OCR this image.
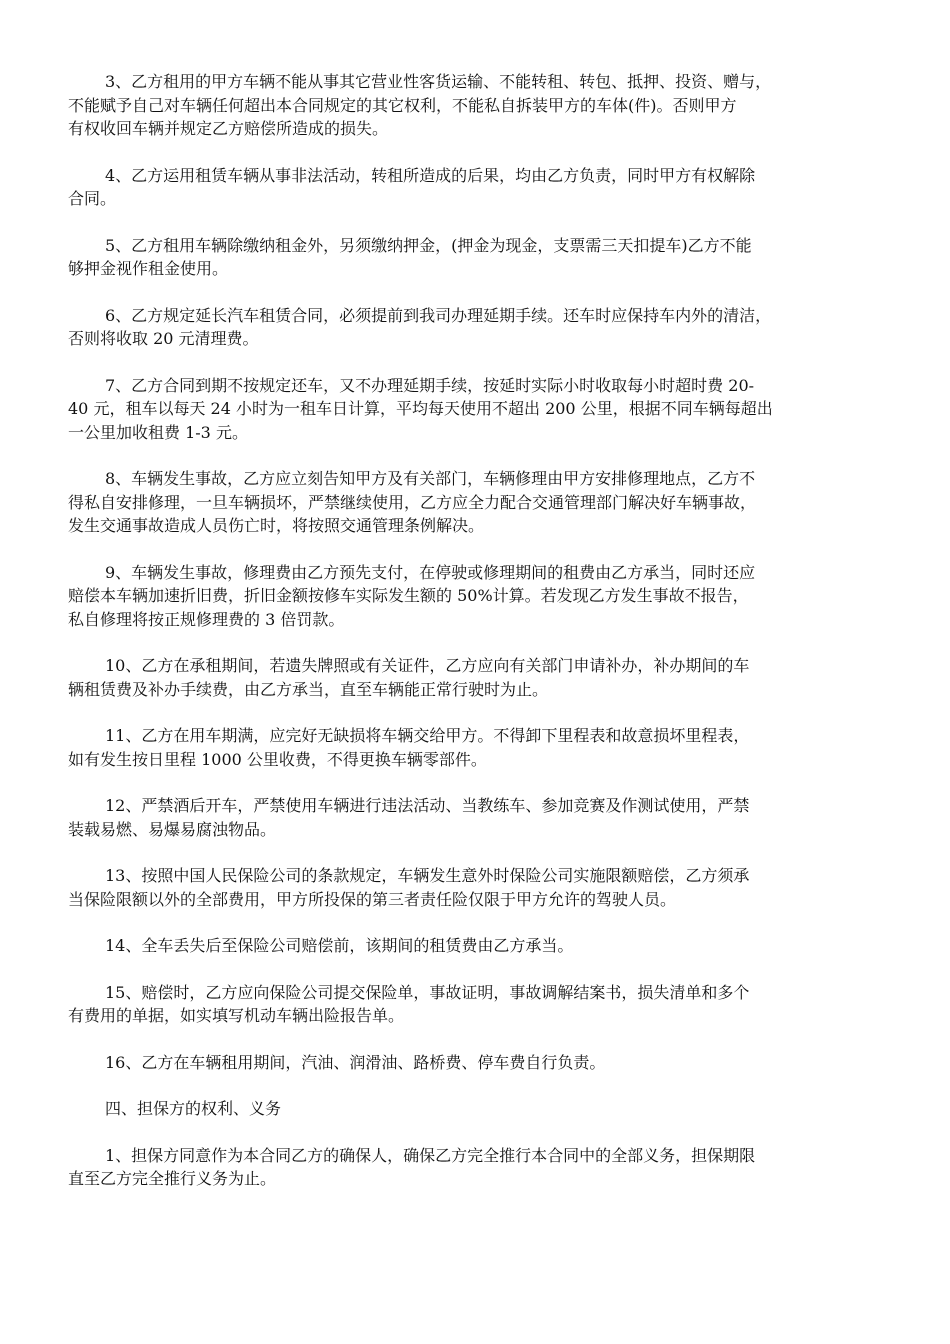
3、乙方租用的甲方车辆不能从事其它营业性客货运输、不能转租、转包、抵押、投资、赠与，
不能赋予自己对车辆任何超出本合同规定的其它权利，不能私自拆装甲方的车体(件)。否则甲方
有权收回车辆并规定乙方赔偿所造成的损失。
4、乙方运用租赁车辆从事非法活动，转租所造成的后果，均由乙方负责，同时甲方有权解除
合同。
5、乙方租用车辆除缴纳租金外，另须缴纳押金，(押金为现金，支票需三天扣提车)乙方不能
够押金视作租金使用。
6、乙方规定延长汽车租赁合同，必须提前到我司办理延期手续。还车时应保持车内外的清洁，
否则将收取 20 元清理费。
7、乙方合同到期不按规定还车，又不办理延期手续，按延时实际小时收取每小时超时费 20-
40 元，租车以每天 24 小时为一租车日计算，平均每天使用不超出 200 公里，根据不同车辆每超出
一公里加收租费 1-3 元。
8、车辆发生事故，乙方应立刻告知甲方及有关部门，车辆修理由甲方安排修理地点，乙方不
得私自安排修理，一旦车辆损坏，严禁继续使用，乙方应全力配合交通管理部门解决好车辆事故，
发生交通事故造成人员伤亡时，将按照交通管理条例解决。
9、车辆发生事故，修理费由乙方预先支付，在停驶或修理期间的租费由乙方承当，同时还应
赔偿本车辆加速折旧费，折旧金额按修车实际发生额的 50%计算。若发现乙方发生事故不报告，
私自修理将按正规修理费的 3 倍罚款。
10、乙方在承租期间，若遗失牌照或有关证件，乙方应向有关部门申请补办，补办期间的车
辆租赁费及补办手续费，由乙方承当，直至车辆能正常行驶时为止。
11、乙方在用车期满，应完好无缺损将车辆交给甲方。不得卸下里程表和故意损坏里程表，
如有发生按日里程 1000 公里收费，不得更换车辆零部件。
12、严禁酒后开车，严禁使用车辆进行违法活动、当教练车、参加竞赛及作测试使用，严禁
装载易燃、易爆易腐浊物品。
13、按照中国人民保险公司的条款规定，车辆发生意外时保险公司实施限额赔偿，乙方须承
当保险限额以外的全部费用，甲方所投保的第三者责任险仅限于甲方允许的驾驶人员。
14、全车丢失后至保险公司赔偿前，该期间的租赁费由乙方承当。
15、赔偿时，乙方应向保险公司提交保险单，事故证明，事故调解结案书，损失清单和多个
有费用的单据，如实填写机动车辆出险报告单。
16、乙方在车辆租用期间，汽油、润滑油、路桥费、停车费自行负责。
四、担保方的权利、义务
1、担保方同意作为本合同乙方的确保人，确保乙方完全推行本合同中的全部义务，担保期限
直至乙方完全推行义务为止。
